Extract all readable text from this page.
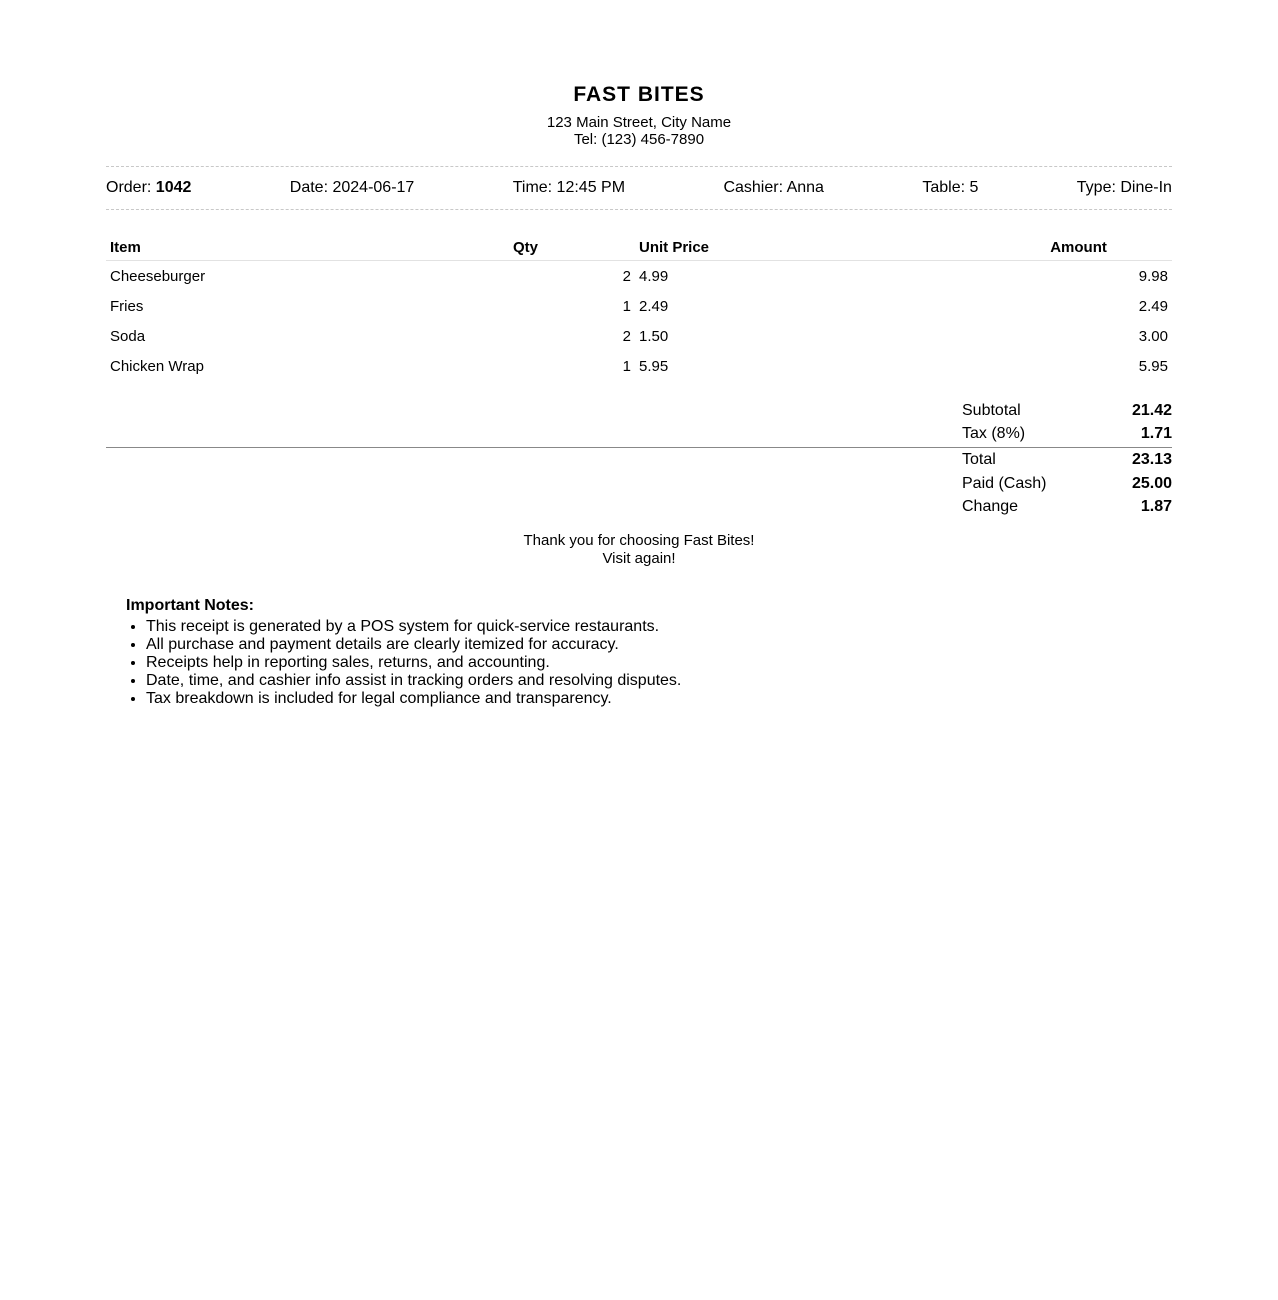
FAST BITES
123 Main Street, City Name
Tel: (123) 456-7890
Order: 1042	Date: 2024-06-17	Time: 12:45 PM	Cashier: Anna	Table: 5	Type: Dine-In
Item	Qty	Unit Price	Amount
Cheeseburger	2	4.99	9.98
Fries	1	2.49	2.49
Soda	2	1.50	3.00
Chicken Wrap	1	5.95	5.95
Subtotal	21.42
Tax (8%)	1.71
Total	23.13
Paid (Cash)	25.00
Change	1.87
Thank you for choosing Fast Bites!
Visit again!
Important Notes:
• This receipt is generated by a POS system for quick-service restaurants.
• All purchase and payment details are clearly itemized for accuracy.
• Receipts help in reporting sales, returns, and accounting.
• Date, time, and cashier info assist in tracking orders and resolving disputes.
• Tax breakdown is included for legal compliance and transparency.
